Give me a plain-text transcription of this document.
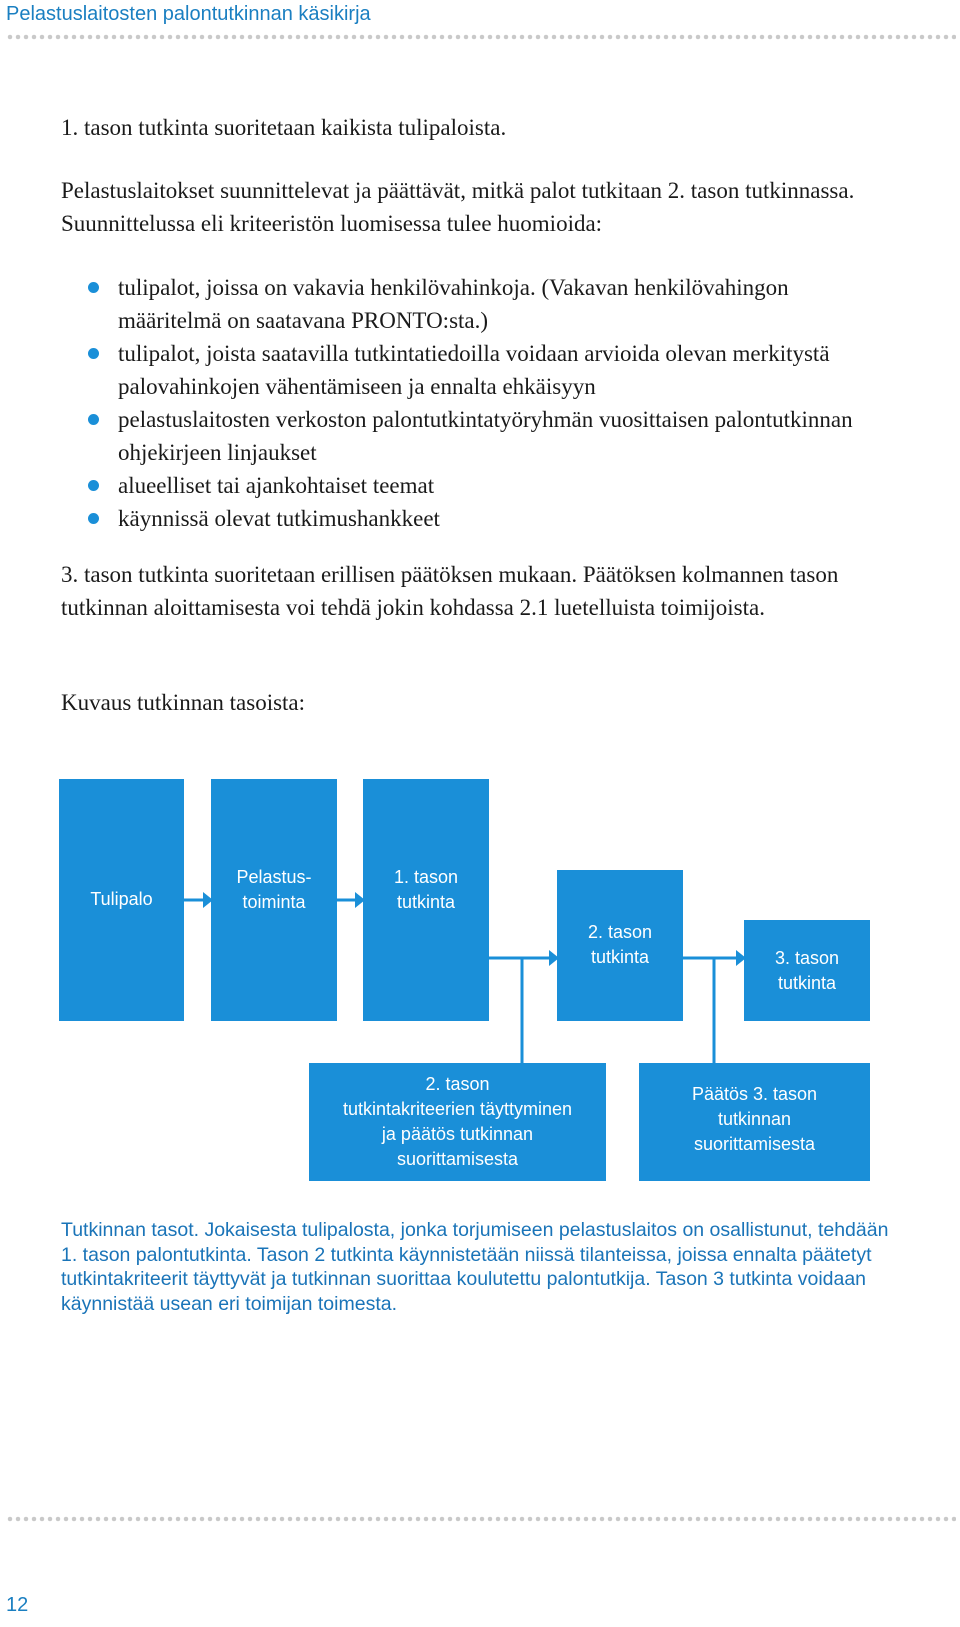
Pelastuslaitosten palontutkinnan käsikirja

1. tason tutkinta suoritetaan kaikista tulipaloista.

Pelastuslaitokset suunnittelevat ja päättävät, mitkä palot tutkitaan 2. tason tutkinnassa. Suunnittelussa eli kriteeristön luomisessa tulee huomioida:

tulipalot, joissa on vakavia henkilövahinkoja. (Vakavan henkilövahingon määritelmä on saatavana PRONTO:sta.)
tulipalot, joista saatavilla tutkintatiedoilla voidaan arvioida olevan merkitystä palovahinkojen vähentämiseen ja ennalta ehkäisyyn
pelastuslaitosten verkoston palontutkintatyöryhmän vuosittaisen palontutkinnan ohjekirjeen linjaukset
alueelliset tai ajankohtaiset teemat
käynnissä olevat tutkimushankkeet

3. tason tutkinta suoritetaan erillisen päätöksen mukaan. Päätöksen kolmannen tason tutkinnan aloittamisesta voi tehdä jokin kohdassa 2.1 luetelluista toimijoista.

Kuvaus tutkinnan tasoista:

Tulipalo
Pelastus-
toiminta
1. tason
tutkinta
2. tason
tutkinta	3. tason
tutkinta
2. tason
tutkintakriteerien täyttyminen
ja päätös tutkinnan
suorittamisesta
Päätös 3. tason
tutkinnan
suorittamisesta

Tutkinnan tasot. Jokaisesta tulipalosta, jonka torjumiseen pelastuslaitos on osallistunut, tehdään 1. tason palontutkinta. Tason 2 tutkinta käynnistetään niissä tilanteissa, joissa ennalta päätetyt tutkintakriteerit täyttyvät ja tutkinnan suorittaa koulutettu palontutkija. Tason 3 tutkinta voidaan käynnistää usean eri toimijan toimesta.

12
